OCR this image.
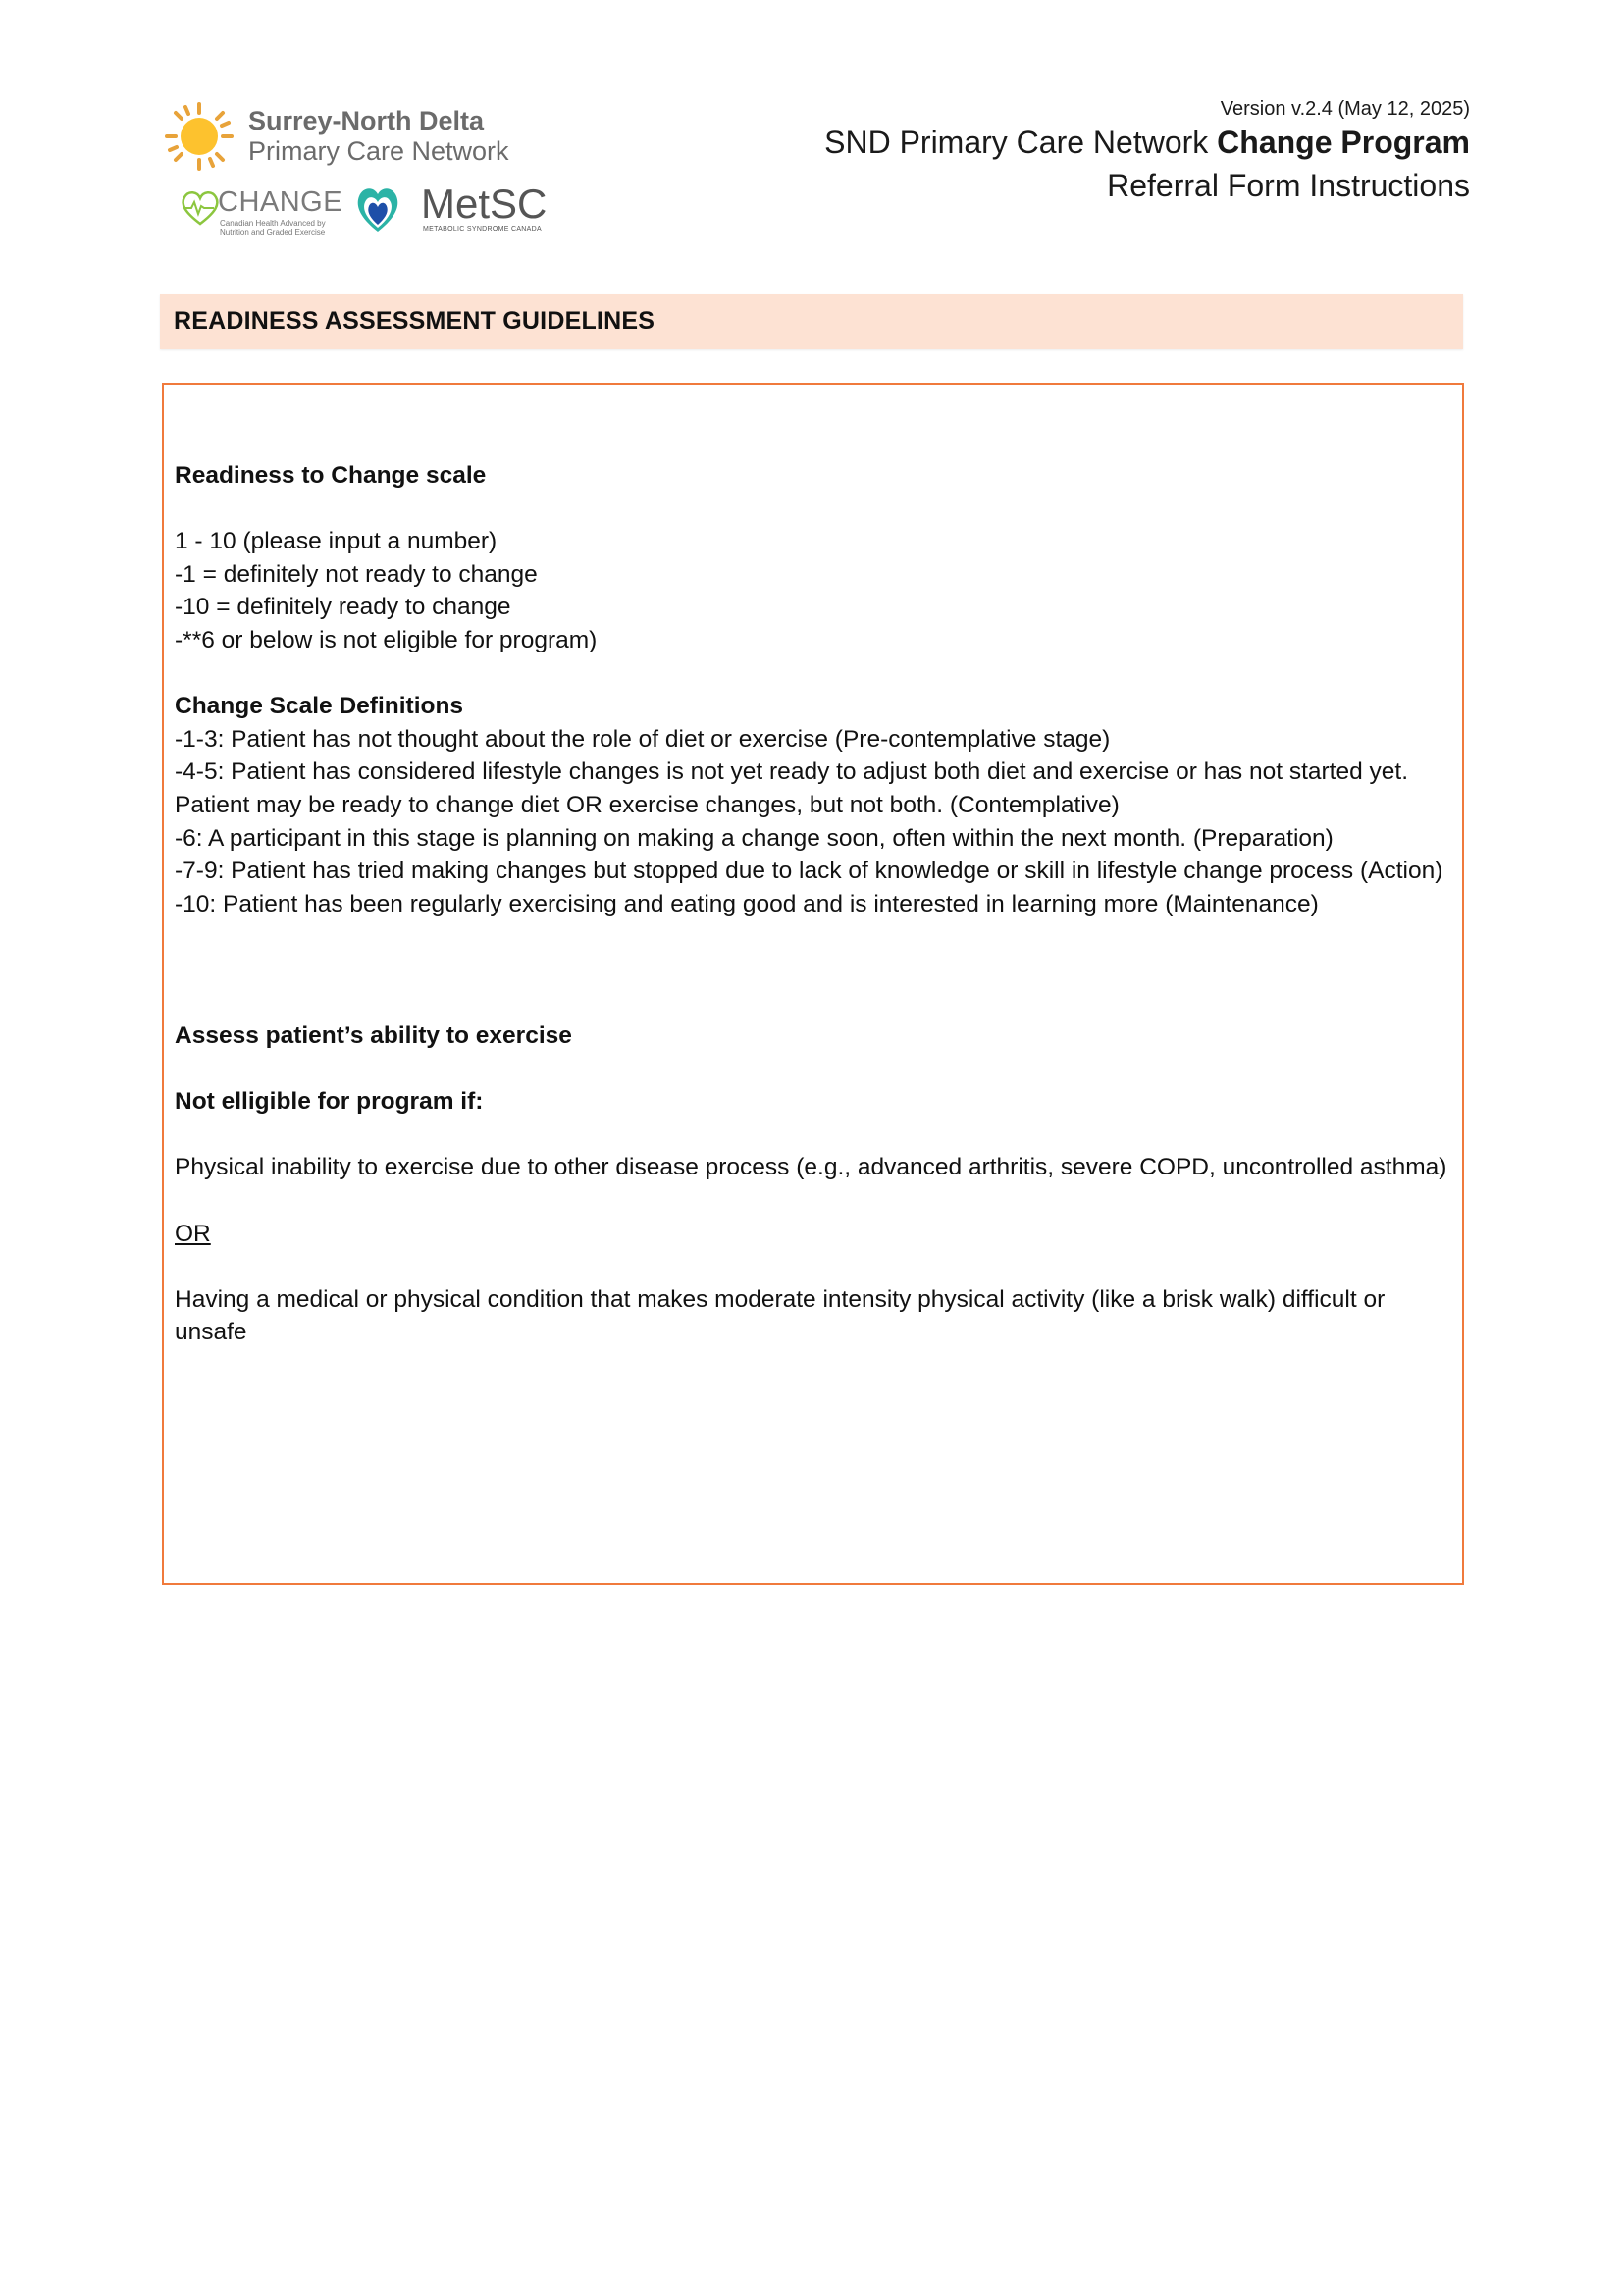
Surrey-North Delta
Primary Care Network
CHANGE
Canadian Health Advanced by
Nutrition and Graded Exercise
MetSC
METABOLIC SYNDROME CANADA
Version v.2.4 (May 12, 2025)
SND Primary Care Network Change Program
Referral Form Instructions
READINESS ASSESSMENT GUIDELINES

Readiness to Change scale

1 - 10 (please input a number)

-1 = definitely not ready to change

-10 = definitely ready to change

-**6 or below is not eligible for program)

Change Scale Definitions

-1-3: Patient has not thought about the role of diet or exercise (Pre-contemplative stage)

-4-5: Patient has considered lifestyle changes is not yet ready to adjust both diet and exercise or has not started yet. Patient may be ready to change diet OR exercise changes, but not both. (Contemplative)

-6: A participant in this stage is planning on making a change soon, often within the next month. (Preparation)

-7-9: Patient has tried making changes but stopped due to lack of knowledge or skill in lifestyle change process (Action)

-10: Patient has been regularly exercising and eating good and is interested in learning more (Maintenance)

Assess patient’s ability to exercise

Not elligible for program if:

Physical inability to exercise due to other disease process (e.g., advanced arthritis, severe COPD, uncontrolled asthma)

OR

Having a medical or physical condition that makes moderate intensity physical activity (like a brisk walk) difficult or unsafe
